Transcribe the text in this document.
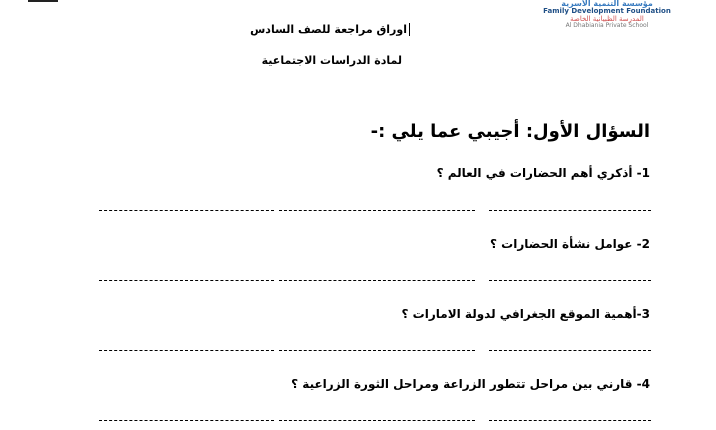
مؤسسة التنمية الأسرية
Family Development Foundation
المدرسة الظبيانية الخاصة
Al Dhabiania Private School
اوراق مراجعة للصف السادس
لمادة الدراسات الاجتماعية
السؤال الأول: أجيبي عما يلي :-
1- أذكري أهم الحضارات في العالم ؟
2- عوامل نشأة الحضارات ؟
3-أهمية الموقع الجغرافي لدولة الامارات ؟
4- قارني بين مراحل تتطور الزراعة ومراحل الثورة الزراعية ؟
